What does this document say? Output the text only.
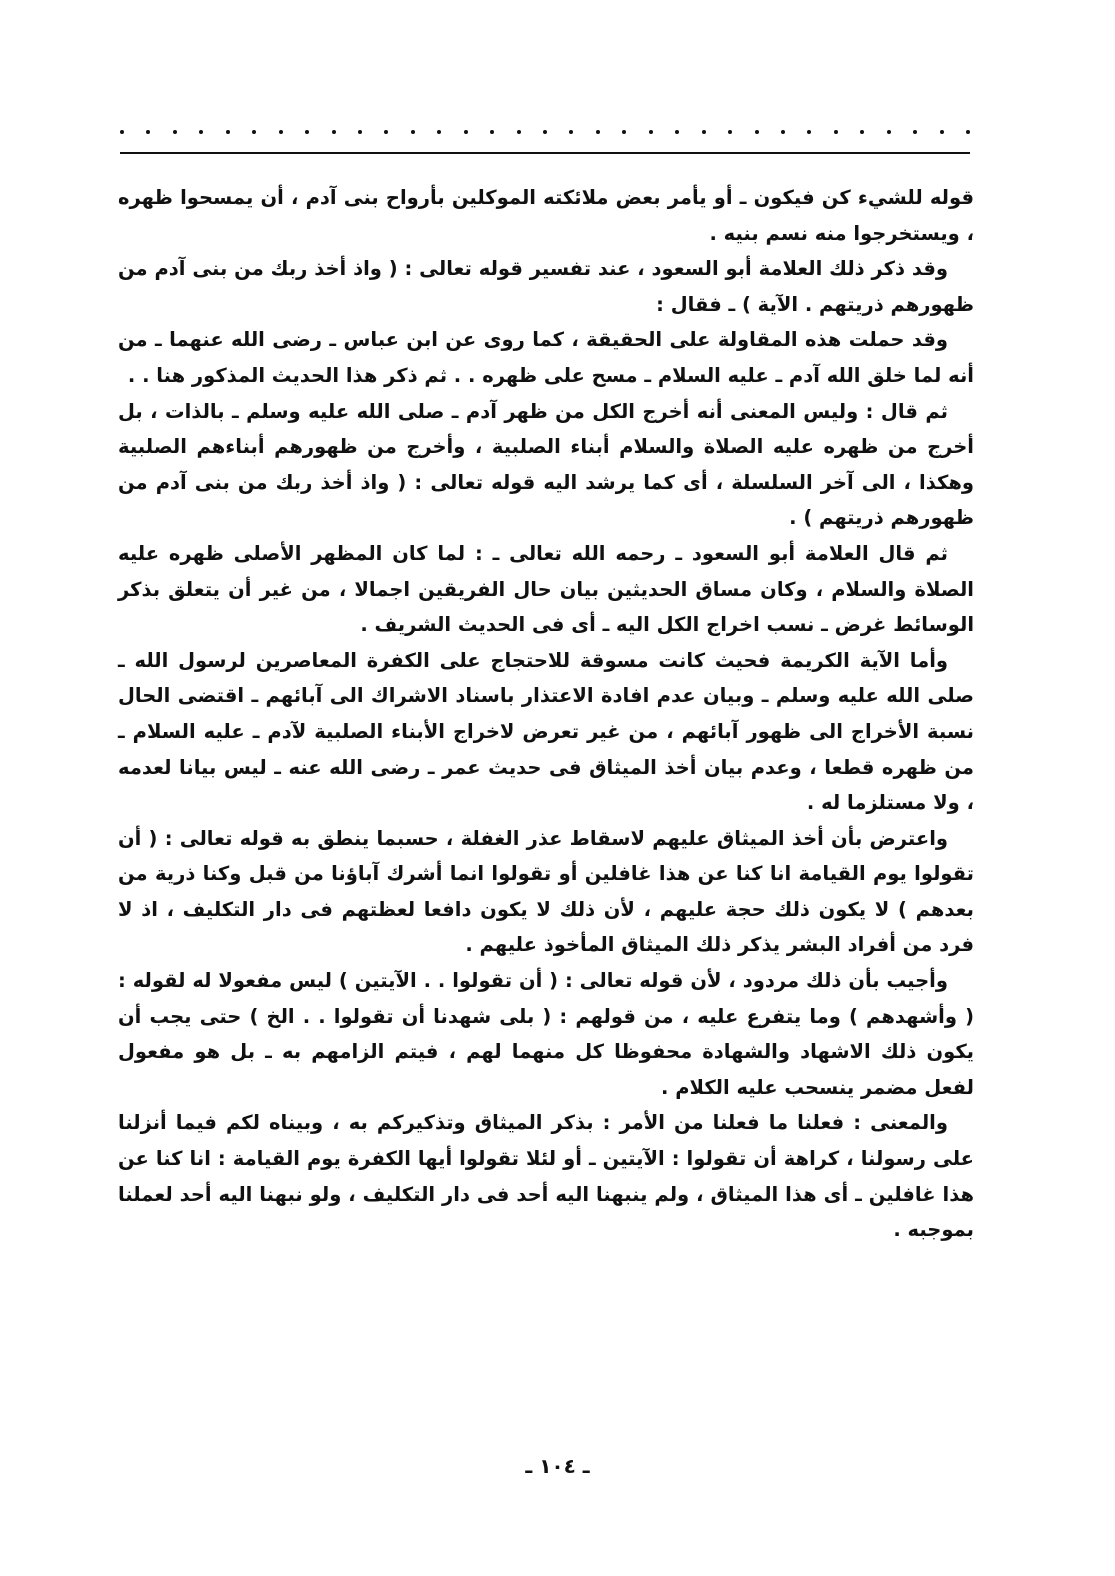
قوله للشيء كن فيكون ـ أو يأمر بعض ملائكته الموكلين بأرواح بنى آدم ، أن يمسحوا ظهره ، ويستخرجوا منه نسم بنيه .

وقد ذكر ذلك العلامة أبو السعود ، عند تفسير قوله تعالى : ( واذ أخذ ربك من بنى آدم من ظهورهم ذريتهم . الآية ) ـ فقال :

وقد حملت هذه المقاولة على الحقيقة ، كما روى عن ابن عباس ـ رضى الله عنهما ـ من أنه لما خلق الله آدم ـ عليه السلام ـ مسح على ظهره . . ثم ذكر هذا الحديث المذكور هنا . .

ثم قال : وليس المعنى أنه أخرج الكل من ظهر آدم ـ صلى الله عليه وسلم ـ بالذات ، بل أخرج من ظهره عليه الصلاة والسلام أبناء الصلبية ، وأخرج من ظهورهم أبناءهم الصلبية وهكذا ، الى آخر السلسلة ، أى كما يرشد اليه قوله تعالى : ( واذ أخذ ربك من بنى آدم من ظهورهم ذريتهم ) .

ثم قال العلامة أبو السعود ـ رحمه الله تعالى ـ : لما كان المظهر الأصلى ظهره عليه الصلاة والسلام ، وكان مساق الحديثين بيان حال الفريقين اجمالا ، من غير أن يتعلق بذكر الوسائط غرض ـ نسب اخراج الكل اليه ـ أى فى الحديث الشريف .

وأما الآية الكريمة فحيث كانت مسوقة للاحتجاج على الكفرة المعاصرين لرسول الله ـ صلى الله عليه وسلم ـ وبيان عدم افادة الاعتذار باسناد الاشراك الى آبائهم ـ اقتضى الحال نسبة الأخراج الى ظهور آبائهم ، من غير تعرض لاخراج الأبناء الصلبية لآدم ـ عليه السلام ـ من ظهره قطعا ، وعدم بيان أخذ الميثاق فى حديث عمر ـ رضى الله عنه ـ ليس بيانا لعدمه ، ولا مستلزما له .

واعترض بأن أخذ الميثاق عليهم لاسقاط عذر الغفلة ، حسبما ينطق به قوله تعالى : ( أن تقولوا يوم القيامة انا كنا عن هذا غافلين أو تقولوا انما أشرك آباؤنا من قبل وكنا ذرية من بعدهم ) لا يكون ذلك حجة عليهم ، لأن ذلك لا يكون دافعا لعظتهم فى دار التكليف ، اذ لا فرد من أفراد البشر يذكر ذلك الميثاق المأخوذ عليهم .

وأجيب بأن ذلك مردود ، لأن قوله تعالى : ( أن تقولوا . . الآيتين ) ليس مفعولا له لقوله : ( وأشهدهم ) وما يتفرع عليه ، من قولهم : ( بلى شهدنا أن تقولوا . . الخ ) حتى يجب أن يكون ذلك الاشهاد والشهادة محفوظا كل منهما لهم ، فيتم الزامهم به ـ بل هو مفعول لفعل مضمر ينسحب عليه الكلام .

والمعنى : فعلنا ما فعلنا من الأمر : بذكر الميثاق وتذكيركم به ، وبيناه لكم فيما أنزلنا على رسولنا ، كراهة أن تقولوا : الآيتين ـ أو لئلا تقولوا أيها الكفرة يوم القيامة : انا كنا عن هذا غافلين ـ أى هذا الميثاق ، ولم ينبهنا اليه أحد فى دار التكليف ، ولو نبهنا اليه أحد لعملنا بموجبه .

ـ ١٠٤ ـ
